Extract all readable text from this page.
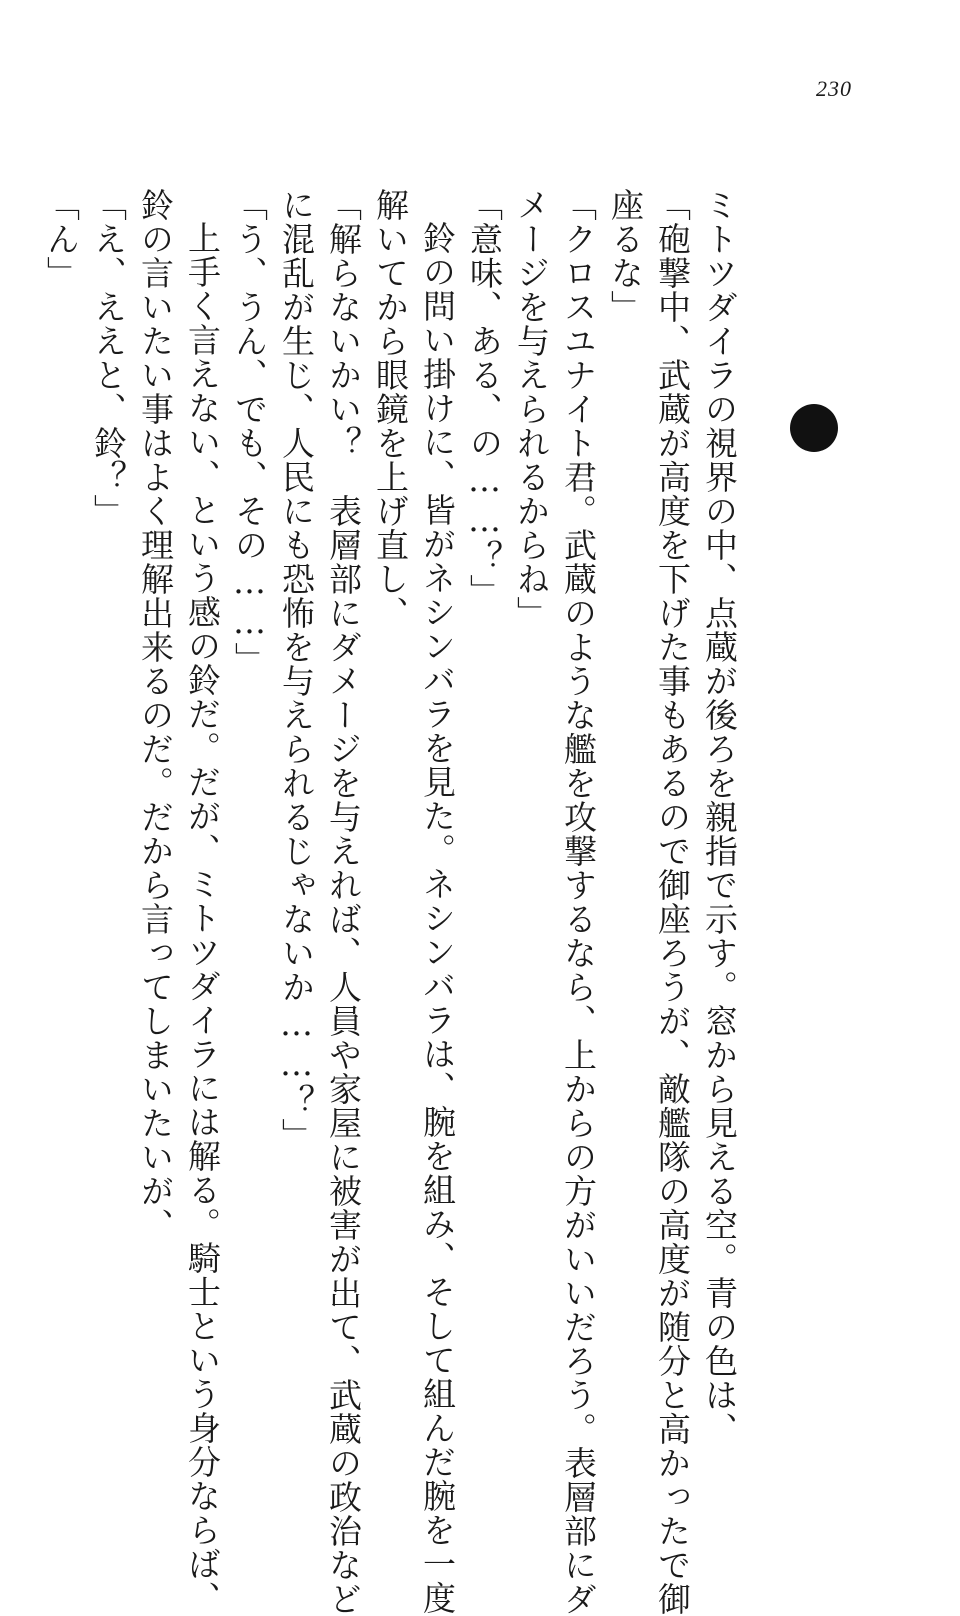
230
ミトツダイラの視界の中、点蔵が後ろを親指で示す。窓から見える空。青の色は、
「砲撃中、武蔵が高度を下げた事もあるので御座ろうが、敵艦隊の高度が随分と高かったで御
座るな」
「クロスユナイト君。武蔵のような艦を攻撃するなら、上からの方がいいだろう。表層部にダ
メージを与えられるからね」
「意味、ある、の……？」
鈴の問い掛けに、皆がネシンバラを見た。ネシンバラは、腕を組み、そして組んだ腕を一度
解いてから眼鏡を上げ直し、
「解らないかい？　表層部にダメージを与えれば、人員や家屋に被害が出て、武蔵の政治など
に混乱が生じ、人民にも恐怖を与えられるじゃないか……？」
「う、うん、でも、その……」
上手く言えない、という感の鈴だ。だが、ミトツダイラには解る。騎士という身分ならば、
鈴の言いたい事はよく理解出来るのだ。だから言ってしまいたいが、
「え、ええと、鈴？」
「ん」
